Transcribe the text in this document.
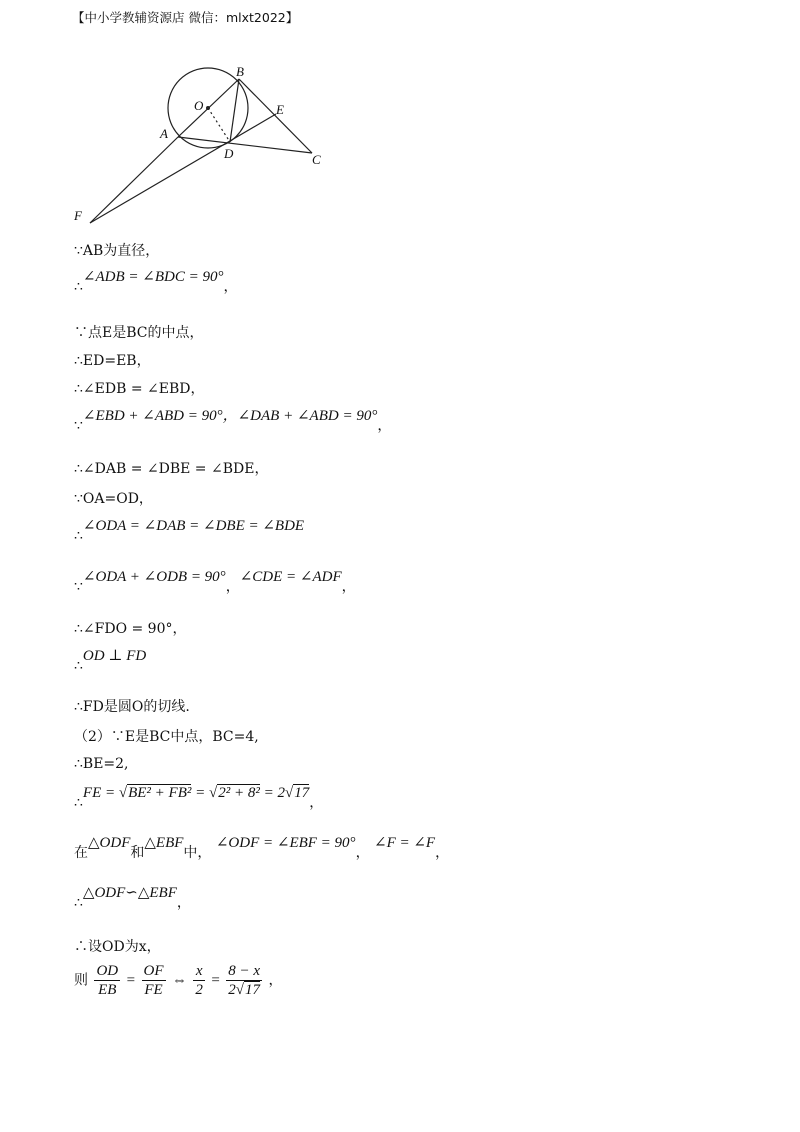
【中小学教辅资源店 微信：mlxt2022】
B
O	E
A
D	C
F
∵AB为直径，
∴∠ADB = ∠BDC = 90°，
∵点E是BC的中点，
∴ED=EB，
∴∠EDB = ∠EBD，
∵∠EBD + ∠ABD = 90°，∠DAB + ∠ABD = 90°，
∴∠DAB = ∠DBE = ∠BDE，
∵OA=OD，
∴∠ODA = ∠DAB = ∠DBE = ∠BDE
∵∠ODA + ∠ODB = 90°，∠CDE = ∠ADF，
∴∠FDO = 90°，
∴OD ⊥ FD
∴FD是圆O的切线.
（2）∵E是BC中点，BC=4,
∴BE=2,
∴FE = √BE² + FB² = √2² + 8² = 2√17，
在△ODF和△EBF中， ∠ODF = ∠EBF = 90°， ∠F = ∠F，
∴△ODF∽△EBF，
∴设OD为x，
则 $\frac{OD}{EB} = \frac{OF}{FE}$ ⇔ $\frac{x}{2} = \frac{8 - x}{2√17}$ ，
